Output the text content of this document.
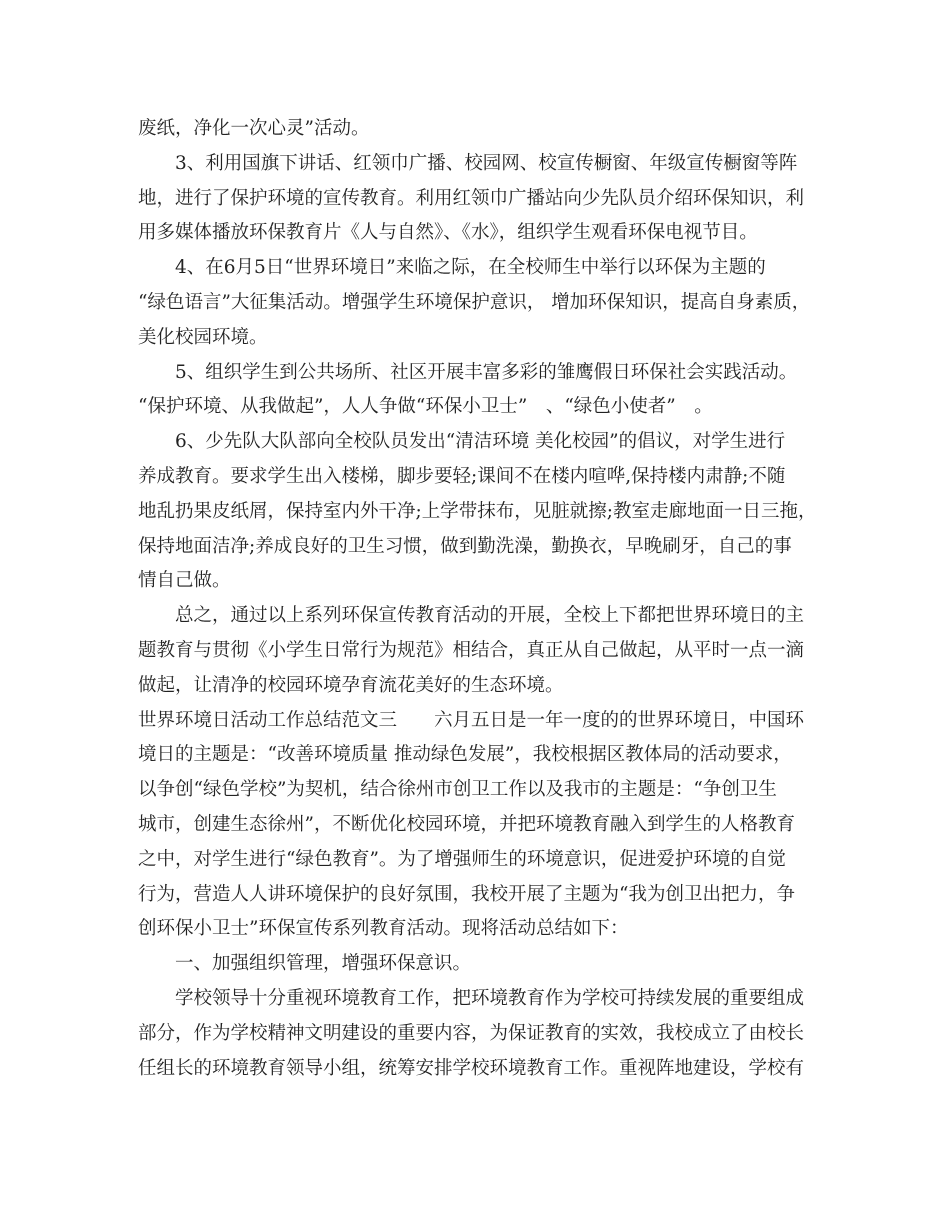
废纸，净化一次心灵”活动。
3、利用国旗下讲话、红领巾广播、校园网、校宣传橱窗、年级宣传橱窗等阵
地，进行了保护环境的宣传教育。利用红领巾广播站向少先队员介绍环保知识，利
用多媒体播放环保教育片《人与自然》、《水》，组织学生观看环保电视节目。
4、在6月5日“世界环境日”来临之际，在全校师生中举行以环保为主题的
“绿色语言”大征集活动。增强学生环境保护意识， 增加环保知识，提高自身素质，
美化校园环境。
5、组织学生到公共场所、社区开展丰富多彩的雏鹰假日环保社会实践活动。
“保护环境、从我做起”，人人争做“环保小卫士”　、“绿色小使者”　。
6、少先队大队部向全校队员发出“清洁环境 美化校园”的倡议，对学生进行
养成教育。要求学生出入楼梯，脚步要轻;课间不在楼内喧哗,保持楼内肃静;不随
地乱扔果皮纸屑，保持室内外干净;上学带抹布，见脏就擦;教室走廊地面一日三拖，
保持地面洁净;养成良好的卫生习惯，做到勤洗澡，勤换衣，早晚刷牙，自己的事
情自己做。
总之，通过以上系列环保宣传教育活动的开展，全校上下都把世界环境日的主
题教育与贯彻《小学生日常行为规范》相结合，真正从自己做起，从平时一点一滴
做起，让清净的校园环境孕育流花美好的生态环境。
世界环境日活动工作总结范文三　　六月五日是一年一度的的世界环境日，中国环
境日的主题是：“改善环境质量 推动绿色发展”，我校根据区教体局的活动要求，
以争创“绿色学校”为契机，结合徐州市创卫工作以及我市的主题是：“争创卫生
城市，创建生态徐州”，不断优化校园环境，并把环境教育融入到学生的人格教育
之中，对学生进行“绿色教育”。为了增强师生的环境意识，促进爱护环境的自觉
行为，营造人人讲环境保护的良好氛围，我校开展了主题为“我为创卫出把力，争
创环保小卫士”环保宣传系列教育活动。现将活动总结如下：
一、加强组织管理，增强环保意识。
学校领导十分重视环境教育工作，把环境教育作为学校可持续发展的重要组成
部分，作为学校精神文明建设的重要内容，为保证教育的实效，我校成立了由校长
任组长的环境教育领导小组，统筹安排学校环境教育工作。重视阵地建设，学校有
